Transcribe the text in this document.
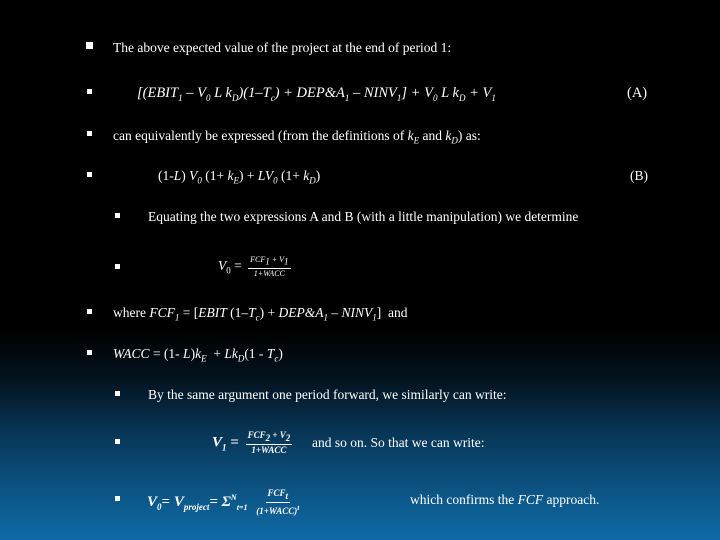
The above expected value of the project at the end of period 1:
[($EBIT_1 - V_0$ L $k_D)(1-T_c)$ + $DEP\&A_1$ – $NINV_1] + V_0$ L $k_D + V_1$	(A)
can equivalently be expressed (from the definitions of $k_E$ and $k_D$) as:
(1-L) $V_0$ $(1+ k_E) + LV_0$ $(1+ k_D)$	(B)
Equating the two expressions A and B (with a little manipulation) we determine
$V_0 = \frac{FCF_1 + V_1}{\text{1+WACC}}$
where $FCF_1$ = [EBIT $(1-T_c)$ + $DEP\&A_1$ – $NINV_1$]  and
WACC = (1- $L)k_E + Lk_D(1 - T_c)$
By the same argument one period forward, we similarly can write:
$V_1 = \frac{FCF_2 + V_2}{\text{1+WACC}}$ and so on. So that we can write:
$V_0= V_{project}= \Sigma^N_{t=1} \frac{FCF_t}{(1+WACC)^t}$	which confirms the FCF approach.
